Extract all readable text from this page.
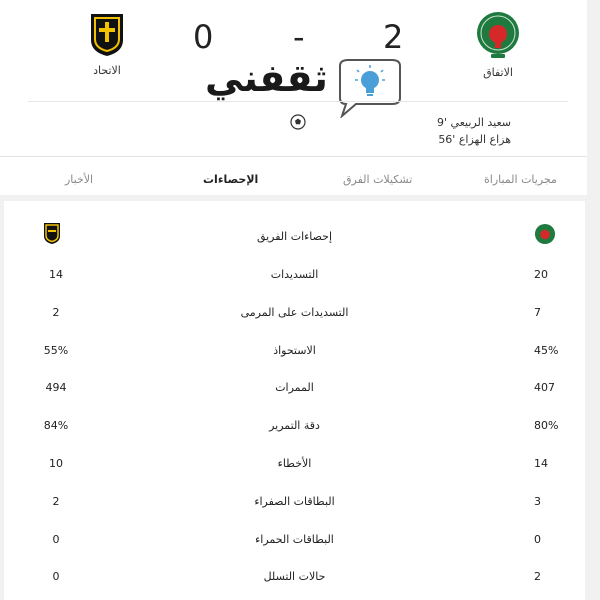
الاتفاق
الاتحاد
2
-
0
ثقفني
سعيد الربيعي 9'
هزاع الهزاع 56'
مجريات المباراة
تشكيلات الفرق
الإحصاءات
الأخبار
إحصاءات الفريق
14	التسديدات	20
2	التسديدات على المرمى	7
55%	الاستحواذ	45%
494	الممرات	407
84%	دقة التمرير	80%
10	الأخطاء	14
2	البطاقات الصفراء	3
0	البطاقات الحمراء	0
0	حالات التسلل	2
